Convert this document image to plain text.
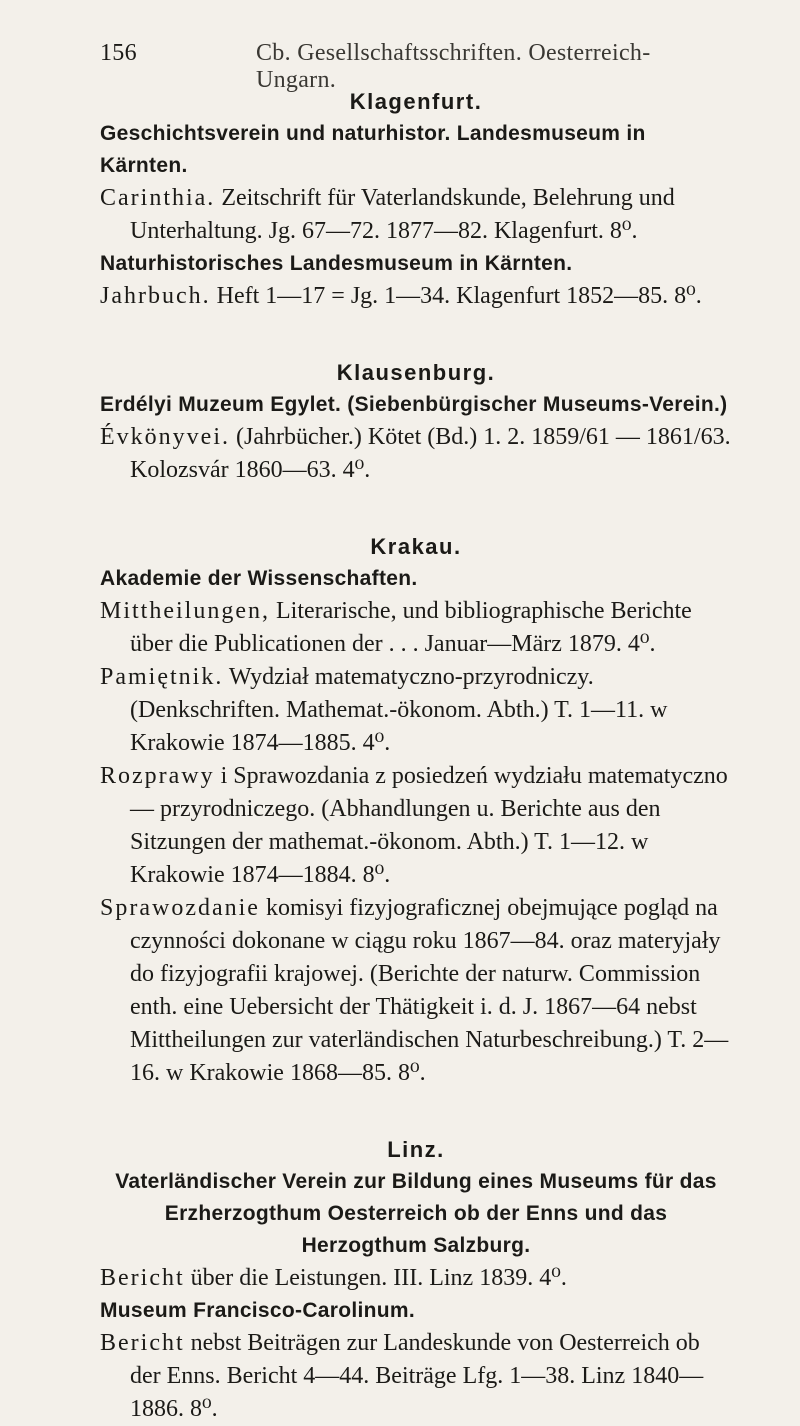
156	Cb. Gesellschaftsschriften. Oesterreich-Ungarn.
Klagenfurt.
Geschichtsverein und naturhistor. Landesmuseum in Kärnten.
Carinthia. Zeitschrift für Vaterlandskunde, Belehrung und Unterhaltung. Jg. 67—72. 1877—82. Klagenfurt. 8⁰.
Naturhistorisches Landesmuseum in Kärnten.
Jahrbuch. Heft 1—17 = Jg. 1—34. Klagenfurt 1852—85. 8⁰.
Klausenburg.
Erdélyi Muzeum Egylet. (Siebenbürgischer Museums-Verein.)
Évkönyvei. (Jahrbücher.) Kötet (Bd.) 1. 2. 1859/61 — 1861/63. Kolozsvár 1860—63. 4⁰.
Krakau.
Akademie der Wissenschaften.
Mittheilungen, Literarische, und bibliographische Berichte über die Publicationen der . . . Januar—März 1879. 4⁰.
Pamiętnik. Wydział matematyczno-przyrodniczy. (Denkschriften. Mathemat.-ökonom. Abth.) T. 1—11. w Krakowie 1874—1885. 4⁰.
Rozprawy i Sprawozdania z posiedzeń wydziału matematyczno — przyrodniczego. (Abhandlungen u. Berichte aus den Sitzungen der mathemat.-ökonom. Abth.) T. 1—12. w Krakowie 1874—1884. 8⁰.
Sprawozdanie komisyi fizyjograficznej obejmujące pogląd na czynności dokonane w ciągu roku 1867—84. oraz materyjały do fizyjografii krajowej. (Berichte der naturw. Commission enth. eine Uebersicht der Thätigkeit i. d. J. 1867—64 nebst Mittheilungen zur vaterländischen Naturbeschreibung.) T. 2—16. w Krakowie 1868—85. 8⁰.
Linz.
Vaterländischer Verein zur Bildung eines Museums für das Erzherzogthum Oesterreich ob der Enns und das Herzogthum Salzburg.
Bericht über die Leistungen. III. Linz 1839. 4⁰.
Museum Francisco-Carolinum.
Bericht nebst Beiträgen zur Landeskunde von Oesterreich ob der Enns. Bericht 4—44. Beiträge Lfg. 1—38. Linz 1840—1886. 8⁰.
